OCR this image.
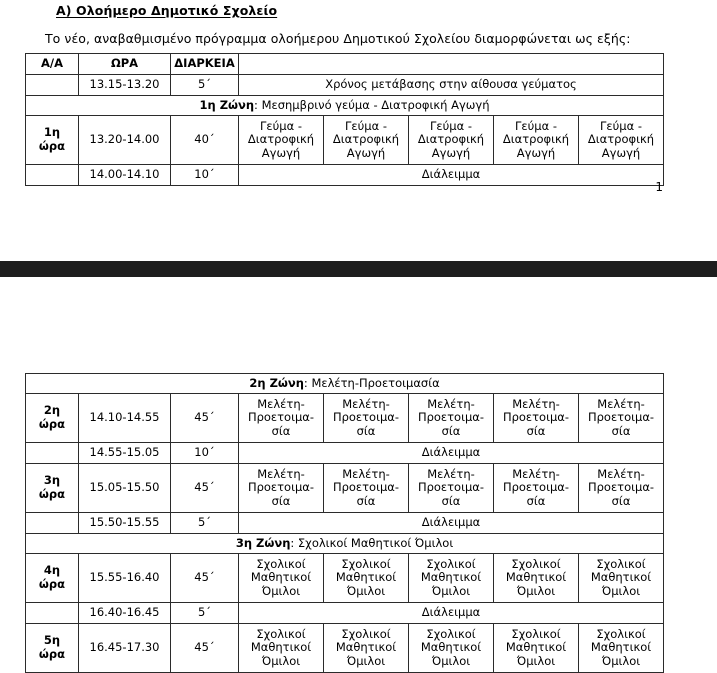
Α) Ολοήμερο Δημοτικό Σχολείο
Το νέο, αναβαθμισμένο πρόγραμμα ολοήμερου Δημοτικού Σχολείου διαμορφώνεται ως εξής:
Α/Α	ΩΡΑ	ΔΙΑΡΚΕΙΑ					
	13.15-13.20	5´	Χρόνος μετάβασης στην αίθουσα γεύματος				
1η Ζώνη: Μεσημβρινό γεύμα - Διατροφική Αγωγή							
1η
ώρα	13.20-14.00	40´	Γεύμα - Διατροφική Αγωγή	Γεύμα - Διατροφική Αγωγή	Γεύμα - Διατροφική Αγωγή	Γεύμα - Διατροφική Αγωγή	Γεύμα - Διατροφική Αγωγή
	14.00-14.10	10´	Διάλειμμα				
1
2η Ζώνη: Μελέτη-Προετοιμασία							
2η
ώρα	14.10-14.55	45´	Μελέτη-Προετοιμα-σία	Μελέτη-Προετοιμα-σία	Μελέτη-Προετοιμα-σία	Μελέτη-Προετοιμα-σία	Μελέτη-Προετοιμα-σία
	14.55-15.05	10´	Διάλειμμα				
3η
ώρα	15.05-15.50	45´	Μελέτη-Προετοιμα-σία	Μελέτη-Προετοιμα-σία	Μελέτη-Προετοιμα-σία	Μελέτη-Προετοιμα-σία	Μελέτη-Προετοιμα-σία
	15.50-15.55	5´	Διάλειμμα				
3η Ζώνη: Σχολικοί Μαθητικοί Όμιλοι							
4η
ώρα	15.55-16.40	45´	Σχολικοί Μαθητικοί Όμιλοι	Σχολικοί Μαθητικοί Όμιλοι	Σχολικοί Μαθητικοί Όμιλοι	Σχολικοί Μαθητικοί Όμιλοι	Σχολικοί Μαθητικοί Όμιλοι
	16.40-16.45	5´	Διάλειμμα				
5η
ώρα	16.45-17.30	45´	Σχολικοί Μαθητικοί Όμιλοι	Σχολικοί Μαθητικοί Όμιλοι	Σχολικοί Μαθητικοί Όμιλοι	Σχολικοί Μαθητικοί Όμιλοι	Σχολικοί Μαθητικοί Όμιλοι
